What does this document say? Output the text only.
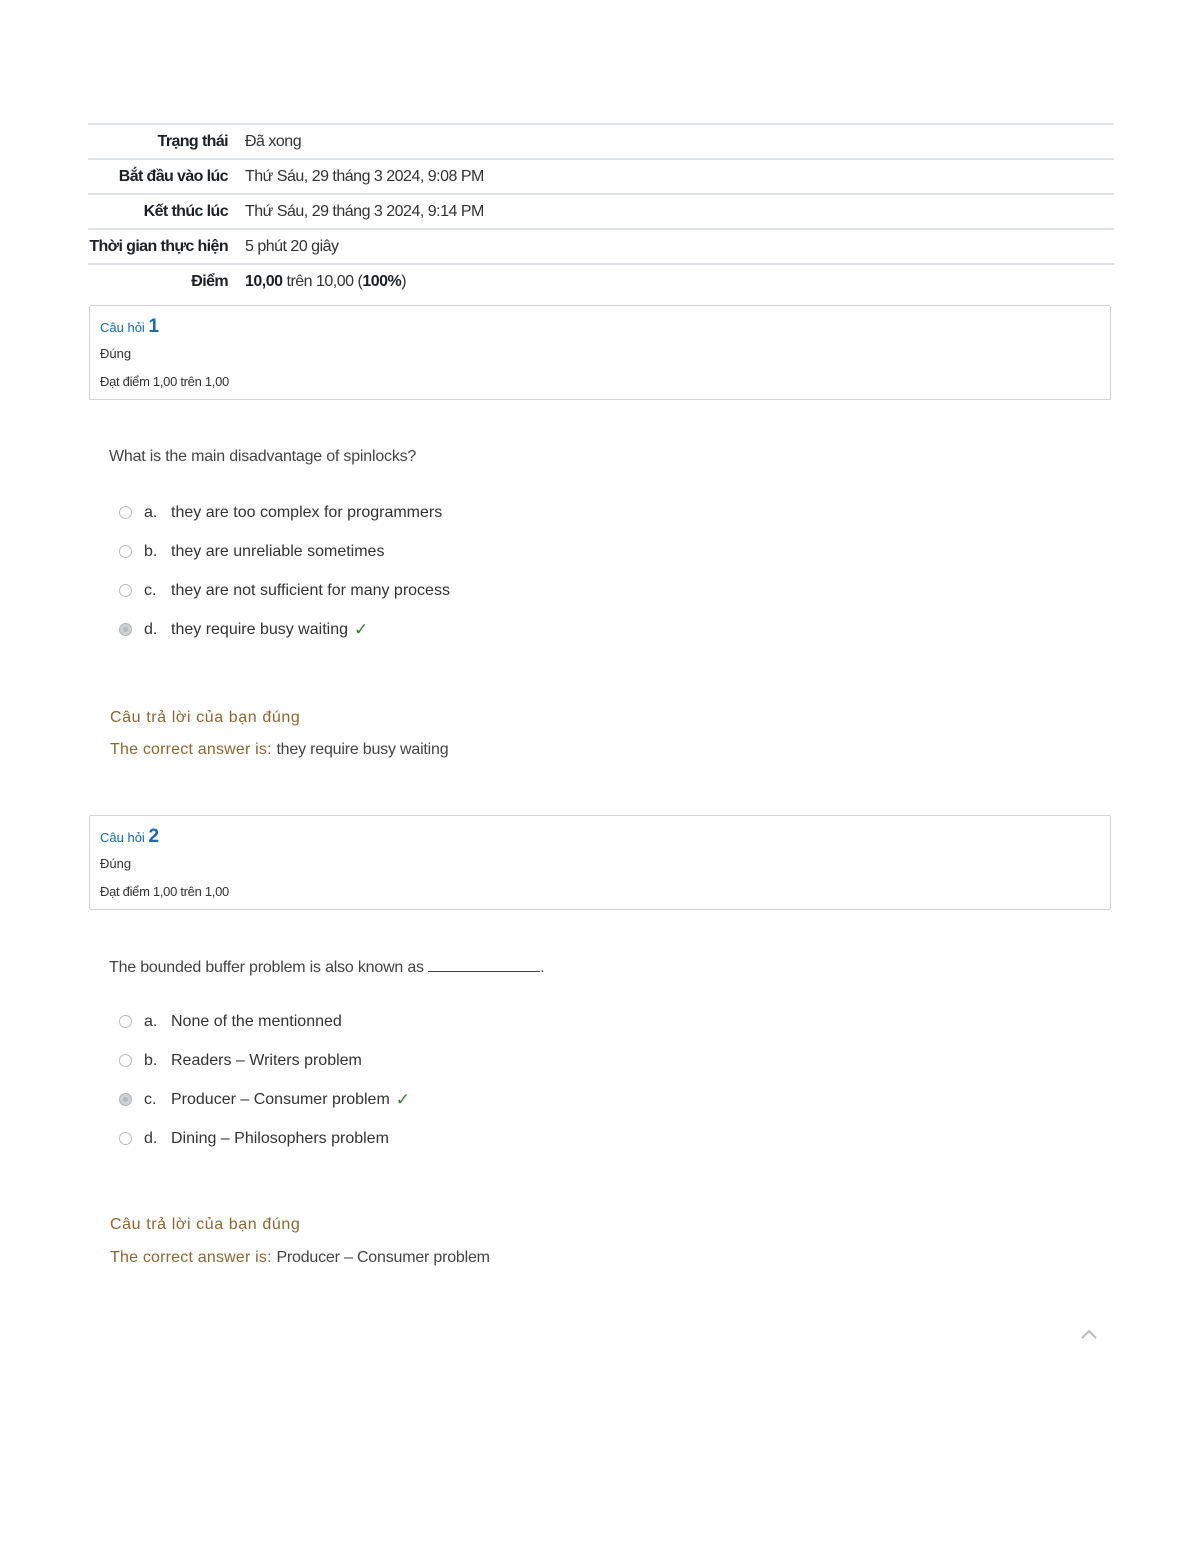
Trạng thái	Đã xong
Bắt đầu vào lúc	Thứ Sáu, 29 tháng 3 2024, 9:08 PM
Kết thúc lúc	Thứ Sáu, 29 tháng 3 2024, 9:14 PM
Thời gian thực hiện	5 phút 20 giây
Điểm	10,00 trên 10,00 (100%)
Câu hỏi 1
Đúng
Đạt điểm 1,00 trên 1,00
What is the main disadvantage of spinlocks?
a. they are too complex for programmers
b. they are unreliable sometimes
c. they are not sufficient for many process
d. they require busy waiting ✓
Câu trả lời của bạn đúng
The correct answer is: they require busy waiting
Câu hỏi 2
Đúng
Đạt điểm 1,00 trên 1,00
The bounded buffer problem is also known as	.
a. None of the mentionned
b. Readers – Writers problem
c. Producer – Consumer problem ✓
d. Dining – Philosophers problem
Câu trả lời của bạn đúng
The correct answer is: Producer – Consumer problem
